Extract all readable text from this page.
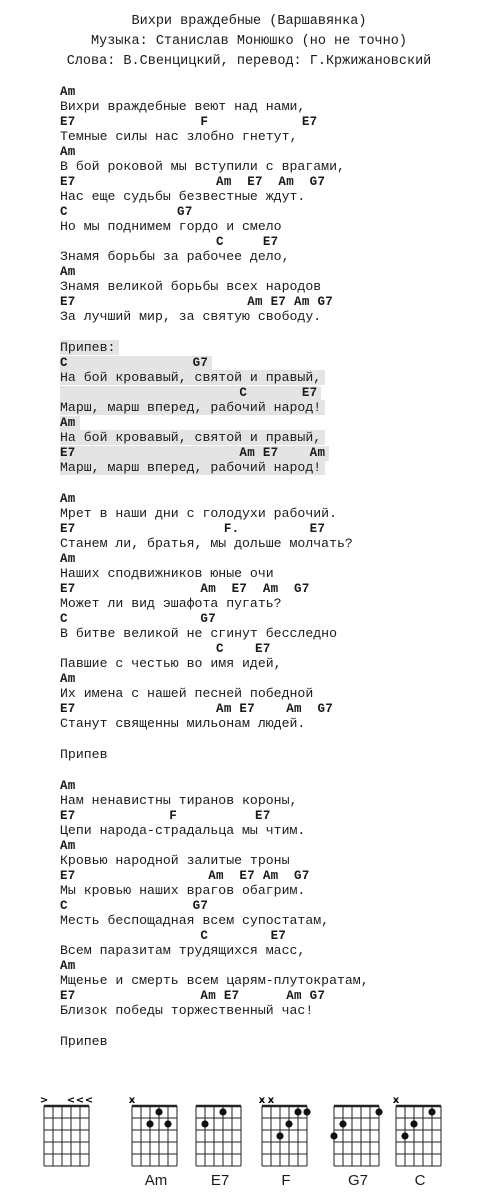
Вихри враждебные (Варшавянка)
Музыка: Станислав Монюшко (но не точно)
Слова: В.Свенцицкий, перевод: Г.Кржижановский
Am
Вихри враждебные веют над нами,
E7                F            E7
Темные силы нас злобно гнетут,
Am
В бой роковой мы вступили с врагами,
E7                  Am  E7  Am  G7
Нас еще судьбы безвестные ждут.
C              G7
Но мы поднимем гордо и смело
C     E7
Знамя борьбы за рабочее дело,
Am
Знамя великой борьбы всех народов
E7                      Am E7 Am G7
За лучший мир, за святую свободу.
Припев:
C                G7
На бой кровавый, святой и правый,
C       E7
Марш, марш вперед, рабочий народ!
Am
На бой кровавый, святой и правый,
E7                     Am E7    Am
Марш, марш вперед, рабочий народ!
Am
Мрет в наши дни с голодухи рабочий.
E7                   F.         E7
Станем ли, братья, мы дольше молчать?
Am
Наших сподвижников юные очи
E7                Am  E7  Am  G7
Может ли вид эшафота пугать?
C                 G7
В битве великой не сгинут бесследно
C    E7
Павшие с честью во имя идей,
Am
Их имена с нашей песней победной
E7                  Am E7    Am  G7
Станут священны мильонам людей.
Припев
Am
Нам ненавистны тиранов короны,
E7            F          E7
Цепи народа-страдальца мы чтим.
Am
Кровью народной залитые троны
E7                 Am  E7 Am  G7
Мы кровью наших врагов обагрим.
C                G7
Месть беспощадная всем супостатам,
C        E7
Всем паразитам трудящихся масс,
Am
Мщенье и смерть всем царям-плутократам,
E7                Am E7      Am G7
Близок победы торжественный час!
Припев
> < < <	x
Am	E7
x x
F	G7
x
C
